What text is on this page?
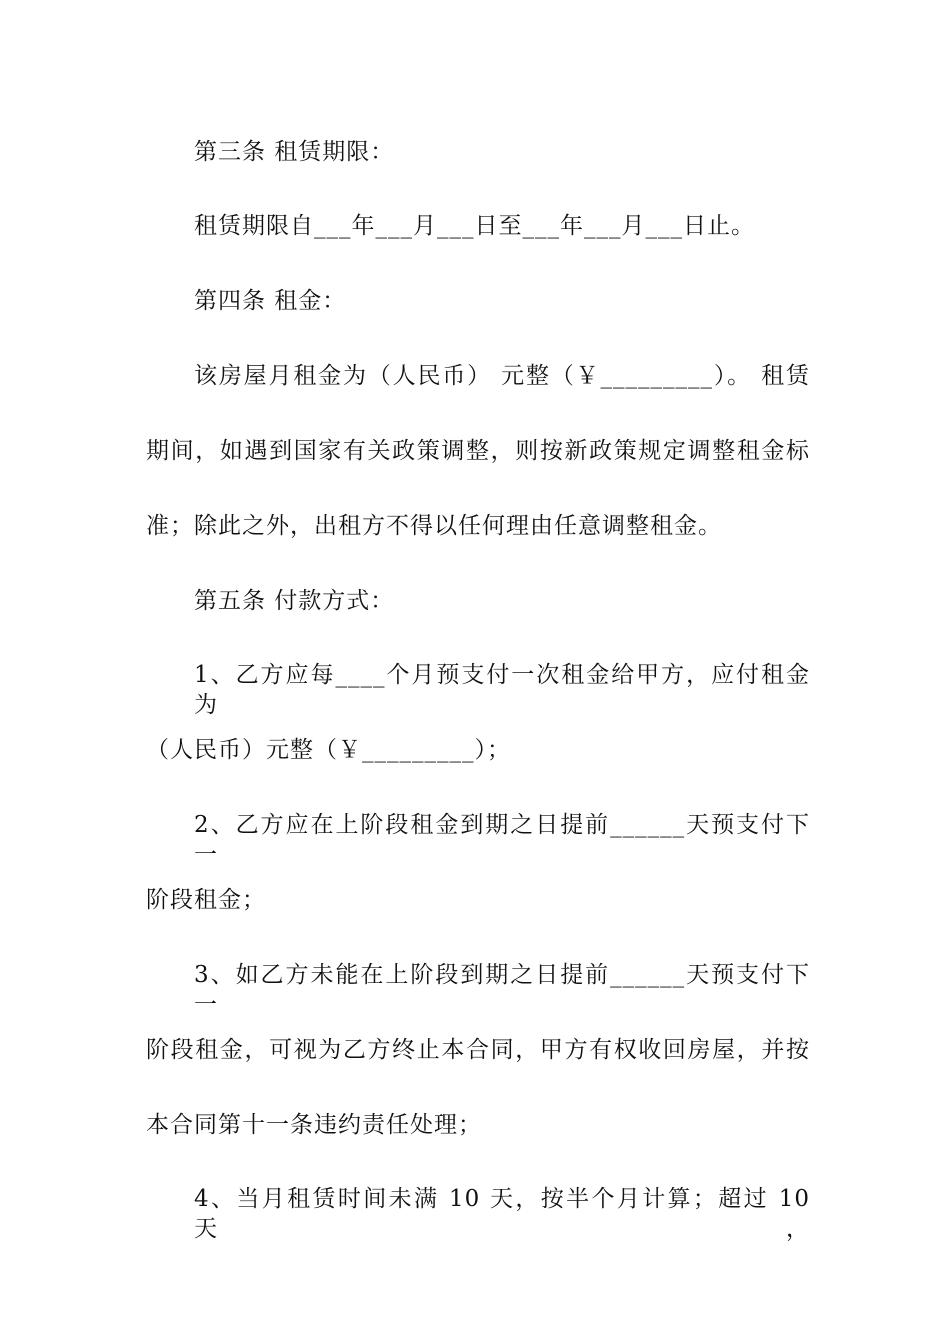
第三条 租赁期限：
租赁期限自___年___月___日至___年___月___日止。
第四条 租金：
该房屋月租金为（人民币） 元整（￥_________）。 租赁
期间，如遇到国家有关政策调整，则按新政策规定调整租金标
准；除此之外，出租方不得以任何理由任意调整租金。
第五条 付款方式：
1、乙方应每____个月预支付一次租金给甲方，应付租金为
（人民币）元整（￥_________）；
2、乙方应在上阶段租金到期之日提前______天预支付下一
阶段租金；
3、如乙方未能在上阶段到期之日提前______天预支付下一
阶段租金，可视为乙方终止本合同，甲方有权收回房屋，并按
本合同第十一条违约责任处理；
4、当月租赁时间未满 10 天，按半个月计算；超过 10 天，
